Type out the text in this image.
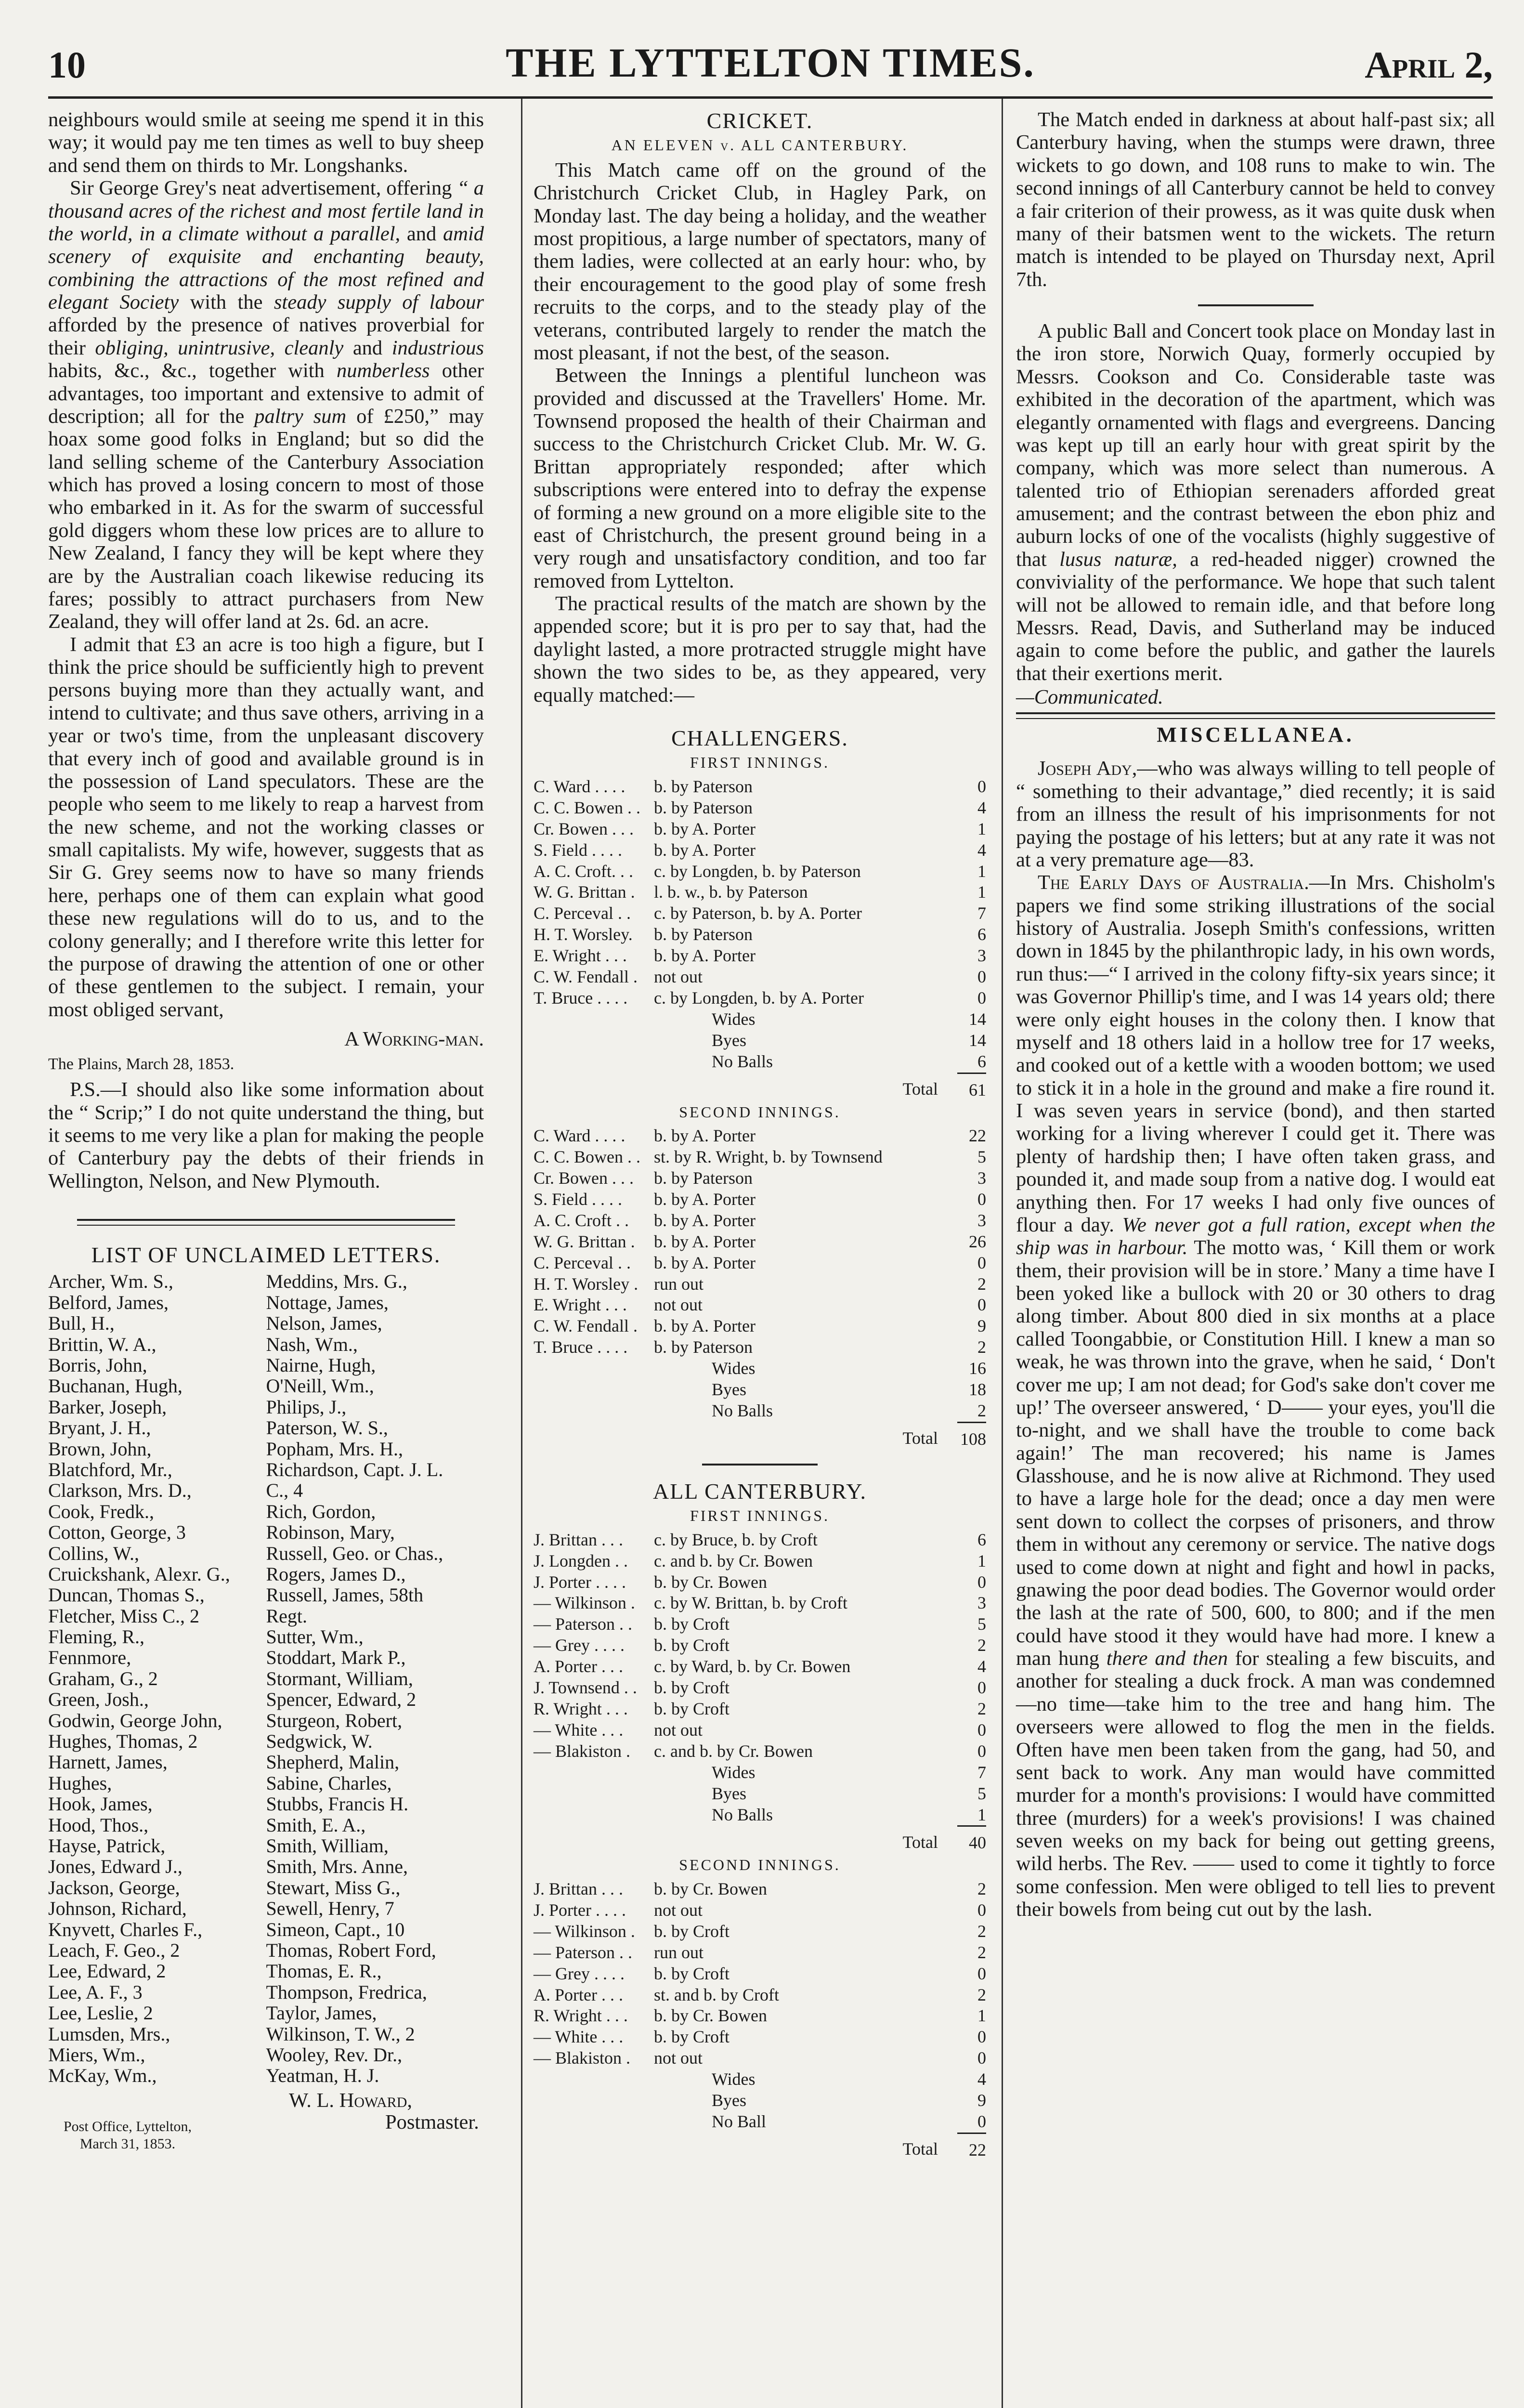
10	THE LYTTELTON TIMES.	April 2,

neighbours would smile at seeing me spend it in this way; it would pay me ten times as well to buy sheep and send them on thirds to Mr. Longshanks.

Sir George Grey's neat advertisement, offering “ a thousand acres of the richest and most fertile land in the world, in a climate without a parallel, and amid scenery of exquisite and enchanting beauty, combining the attractions of the most refined and elegant Society with the steady supply of labour afforded by the presence of natives proverbial for their obliging, unintrusive, cleanly and industrious habits, &c., &c., together with numberless other advantages, too important and extensive to admit of description; all for the paltry sum of £250,” may hoax some good folks in England; but so did the land selling scheme of the Canterbury Association which has proved a losing concern to most of those who embarked in it. As for the swarm of successful gold diggers whom these low prices are to allure to New Zealand, I fancy they will be kept where they are by the Australian coach likewise reducing its fares; possibly to attract purchasers from New Zealand, they will offer land at 2s. 6d. an acre.

I admit that £3 an acre is too high a figure, but I think the price should be sufficiently high to prevent persons buying more than they actually want, and intend to cultivate; and thus save others, arriving in a year or two's time, from the unpleasant discovery that every inch of good and available ground is in the possession of Land speculators. These are the people who seem to me likely to reap a harvest from the new scheme, and not the working classes or small capitalists. My wife, however, suggests that as Sir G. Grey seems now to have so many friends here, perhaps one of them can explain what good these new regulations will do to us, and to the colony generally; and I therefore write this letter for the purpose of drawing the attention of one or other of these gentlemen to the subject. I remain, your most obliged servant,

A Working-man.
The Plains, March 28, 1853.

P.S.—I should also like some information about the “ Scrip;” I do not quite understand the thing, but it seems to me very like a plan for making the people of Canterbury pay the debts of their friends in Wellington, Nelson, and New Plymouth.

LIST OF UNCLAIMED LETTERS.
Archer, Wm. S.,
Belford, James,
Bull, H.,
Brittin, W. A.,
Borris, John,
Buchanan, Hugh,
Barker, Joseph,
Bryant, J. H.,
Brown, John,
Blatchford, Mr.,
Clarkson, Mrs. D.,
Cook, Fredk.,
Cotton, George, 3
Collins, W.,
Cruickshank, Alexr. G.,
Duncan, Thomas S.,
Fletcher, Miss C., 2
Fleming, R.,
Fennmore,
Graham, G., 2
Green, Josh.,
Godwin, George John,
Hughes, Thomas, 2
Harnett, James,
Hughes,
Hook, James,
Hood, Thos.,
Hayse, Patrick,
Jones, Edward J.,
Jackson, George,
Johnson, Richard,
Knyvett, Charles F.,
Leach, F. Geo., 2
Lee, Edward, 2
Lee, A. F., 3
Lee, Leslie, 2
Lumsden, Mrs.,
Miers, Wm.,
McKay, Wm.,

Meddins, Mrs. G.,
Nottage, James,
Nelson, James,
Nash, Wm.,
Nairne, Hugh,
O'Neill, Wm.,
Philips, J.,
Paterson, W. S.,
Popham, Mrs. H.,
Richardson, Capt. J. L.
C., 4
Rich, Gordon,
Robinson, Mary,
Russell, Geo. or Chas.,
Rogers, James D.,
Russell, James, 58th
Regt.
Sutter, Wm.,
Stoddart, Mark P.,
Stormant, William,
Spencer, Edward, 2
Sturgeon, Robert,
Sedgwick, W.
Shepherd, Malin,
Sabine, Charles,
Stubbs, Francis H.
Smith, E. A.,
Smith, William,
Smith, Mrs. Anne,
Stewart, Miss G.,
Sewell, Henry, 7
Simeon, Capt., 10
Thomas, Robert Ford,
Thomas, E. R.,
Thompson, Fredrica,
Taylor, James,
Wilkinson, T. W., 2
Wooley, Rev. Dr.,
Yeatman, H. J.
Post Office, Lyttelton,
March 31, 1853.
W. L. Howard,
Postmaster.
CRICKET.
AN ELEVEN v. ALL CANTERBURY.

This Match came off on the ground of the Christchurch Cricket Club, in Hagley Park, on Monday last. The day being a holiday, and the weather most propitious, a large number of spectators, many of them ladies, were collected at an early hour: who, by their encouragement to the good play of some fresh recruits to the corps, and to the steady play of the veterans, contributed largely to render the match the most pleasant, if not the best, of the season.

Between the Innings a plentiful luncheon was provided and discussed at the Travellers' Home. Mr. Townsend proposed the health of their Chairman and success to the Christchurch Cricket Club. Mr. W. G. Brittan appropriately responded; after which subscriptions were entered into to defray the expense of forming a new ground on a more eligible site to the east of Christchurch, the present ground being in a very rough and unsatisfactory condition, and too far removed from Lyttelton.

The practical results of the match are shown by the appended score; but it is pro per to say that, had the daylight lasted, a more protracted struggle might have shown the two sides to be, as they appeared, very equally matched:—

CHALLENGERS.
FIRST INNINGS.
C. Ward . . . .	b. by Paterson	0
C. C. Bowen . .	b. by Paterson	4
Cr. Bowen . . .	b. by A. Porter	1
S. Field . . . .	b. by A. Porter	4
A. C. Croft. . .	c. by Longden, b. by Paterson	1
W. G. Brittan .	l. b. w., b. by Paterson	1
C. Perceval . .	c. by Paterson, b. by A. Porter	7
H. T. Worsley.	b. by Paterson	6
E. Wright . . .	b. by A. Porter	3
C. W. Fendall .	not out	0
T. Bruce . . . .	c. by Longden, b. by A. Porter	0
	Wides	14
	Byes	14
	No Balls	6
	Total	61
SECOND INNINGS.
C. Ward . . . .	b. by A. Porter	22
C. C. Bowen . .	st. by R. Wright, b. by Townsend	5
Cr. Bowen . . .	b. by Paterson	3
S. Field . . . .	b. by A. Porter	0
A. C. Croft . .	b. by A. Porter	3
W. G. Brittan .	b. by A. Porter	26
C. Perceval . .	b. by A. Porter	0
H. T. Worsley .	run out	2
E. Wright . . .	not out	0
C. W. Fendall .	b. by A. Porter	9
T. Bruce . . . .	b. by Paterson	2
	Wides	16
	Byes	18
	No Balls	2
	Total	108
ALL CANTERBURY.
FIRST INNINGS.
J. Brittan . . .	c. by Bruce, b. by Croft	6
J. Longden . .	c. and b. by Cr. Bowen	1
J. Porter . . . .	b. by Cr. Bowen	0
— Wilkinson .	c. by W. Brittan, b. by Croft	3
— Paterson . .	b. by Croft	5
— Grey . . . .	b. by Croft	2
A. Porter . . .	c. by Ward, b. by Cr. Bowen	4
J. Townsend . .	b. by Croft	0
R. Wright . . .	b. by Croft	2
— White . . .	not out	0
— Blakiston .	c. and b. by Cr. Bowen	0
	Wides	7
	Byes	5
	No Balls	1
	Total	40
SECOND INNINGS.
J. Brittan . . .	b. by Cr. Bowen	2
J. Porter . . . .	not out	0
— Wilkinson .	b. by Croft	2
— Paterson . .	run out	2
— Grey . . . .	b. by Croft	0
A. Porter . . .	st. and b. by Croft	2
R. Wright . . .	b. by Cr. Bowen	1
— White . . .	b. by Croft	0
— Blakiston .	not out	0
	Wides	4
	Byes	9
	No Ball	0
	Total	22

The Match ended in darkness at about half-past six; all Canterbury having, when the stumps were drawn, three wickets to go down, and 108 runs to make to win. The second innings of all Canterbury cannot be held to convey a fair criterion of their prowess, as it was quite dusk when many of their batsmen went to the wickets. The return match is intended to be played on Thursday next, April 7th.

A public Ball and Concert took place on Monday last in the iron store, Norwich Quay, formerly occupied by Messrs. Cookson and Co. Considerable taste was exhibited in the decoration of the apartment, which was elegantly ornamented with flags and evergreens. Dancing was kept up till an early hour with great spirit by the company, which was more select than numerous. A talented trio of Ethiopian serenaders afforded great amusement; and the contrast between the ebon phiz and auburn locks of one of the vocalists (highly suggestive of that lusus naturæ, a red-headed nigger) crowned the conviviality of the performance. We hope that such talent will not be allowed to remain idle, and that before long Messrs. Read, Davis, and Sutherland may be induced again to come before the public, and gather the laurels that their exertions merit.

—Communicated.
MISCELLANEA.

Joseph Ady,—who was always willing to tell people of “ something to their advantage,” died recently; it is said from an illness the result of his imprisonments for not paying the postage of his letters; but at any rate it was not at a very premature age—83.

The Early Days of Australia.—In Mrs. Chisholm's papers we find some striking illustrations of the social history of Australia. Joseph Smith's confessions, written down in 1845 by the philanthropic lady, in his own words, run thus:—“ I arrived in the colony fifty-six years since; it was Governor Phillip's time, and I was 14 years old; there were only eight houses in the colony then. I know that myself and 18 others laid in a hollow tree for 17 weeks, and cooked out of a kettle with a wooden bottom; we used to stick it in a hole in the ground and make a fire round it. I was seven years in service (bond), and then started working for a living wherever I could get it. There was plenty of hardship then; I have often taken grass, and pounded it, and made soup from a native dog. I would eat anything then. For 17 weeks I had only five ounces of flour a day. We never got a full ration, except when the ship was in harbour. The motto was, ‘ Kill them or work them, their provision will be in store.’ Many a time have I been yoked like a bullock with 20 or 30 others to drag along timber. About 800 died in six months at a place called Toongabbie, or Constitution Hill. I knew a man so weak, he was thrown into the grave, when he said, ‘ Don't cover me up; I am not dead; for God's sake don't cover me up!’ The overseer answered, ‘ D—— your eyes, you'll die to-night, and we shall have the trouble to come back again!’ The man recovered; his name is James Glasshouse, and he is now alive at Richmond. They used to have a large hole for the dead; once a day men were sent down to collect the corpses of prisoners, and throw them in without any ceremony or service. The native dogs used to come down at night and fight and howl in packs, gnawing the poor dead bodies. The Governor would order the lash at the rate of 500, 600, to 800; and if the men could have stood it they would have had more. I knew a man hung there and then for stealing a few biscuits, and another for stealing a duck frock. A man was condemned—no time—take him to the tree and hang him. The overseers were allowed to flog the men in the fields. Often have men been taken from the gang, had 50, and sent back to work. Any man would have committed murder for a month's provisions: I would have committed three (murders) for a week's provisions! I was chained seven weeks on my back for being out getting greens, wild herbs. The Rev. —— used to come it tightly to force some confession. Men were obliged to tell lies to prevent their bowels from being cut out by the lash.
